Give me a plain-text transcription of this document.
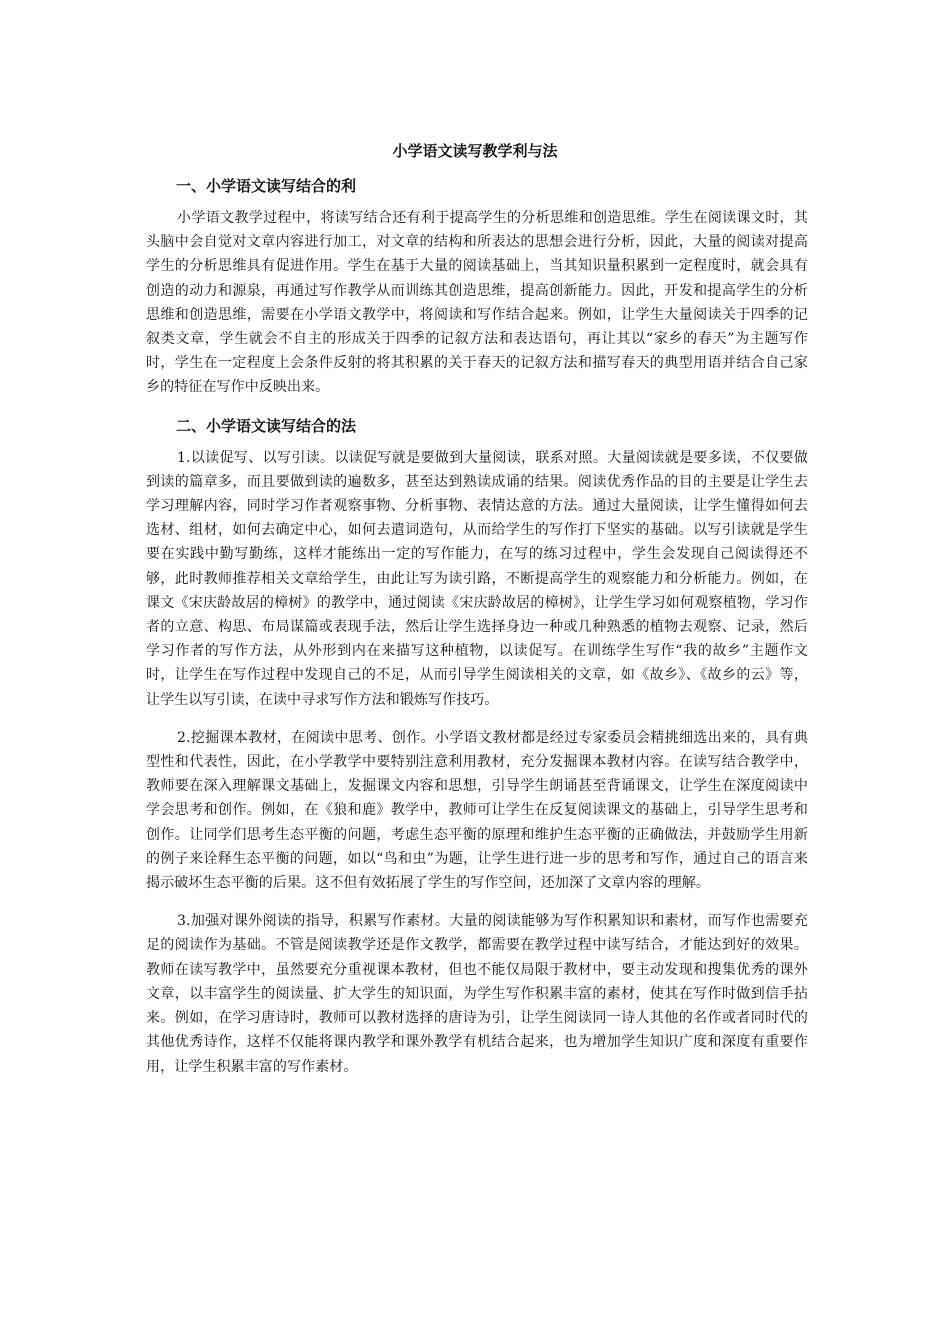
小学语文读写教学利与法
一、小学语文读写结合的利

小学语文教学过程中，将读写结合还有利于提高学生的分析思维和创造思维。学生在阅读课文时，其头脑中会自觉对文章内容进行加工，对文章的结构和所表达的思想会进行分析，因此，大量的阅读对提高学生的分析思维具有促进作用。学生在基于大量的阅读基础上，当其知识量积累到一定程度时，就会具有创造的动力和源泉，再通过写作教学从而训练其创造思维，提高创新能力。因此，开发和提高学生的分析思维和创造思维，需要在小学语文教学中，将阅读和写作结合起来。例如，让学生大量阅读关于四季的记叙类文章，学生就会不自主的形成关于四季的记叙方法和表达语句，再让其以“家乡的春天”为主题写作时，学生在一定程度上会条件反射的将其积累的关于春天的记叙方法和描写春天的典型用语并结合自己家乡的特征在写作中反映出来。

二、小学语文读写结合的法

1.以读促写、以写引读。以读促写就是要做到大量阅读，联系对照。大量阅读就是要多读，不仅要做到读的篇章多，而且要做到读的遍数多，甚至达到熟读成诵的结果。阅读优秀作品的目的主要是让学生去学习理解内容，同时学习作者观察事物、分析事物、表情达意的方法。通过大量阅读，让学生懂得如何去选材、组材，如何去确定中心，如何去遣词造句，从而给学生的写作打下坚实的基础。以写引读就是学生要在实践中勤写勤练，这样才能练出一定的写作能力，在写的练习过程中，学生会发现自己阅读得还不够，此时教师推荐相关文章给学生，由此让写为读引路，不断提高学生的观察能力和分析能力。例如，在课文《宋庆龄故居的樟树》的教学中，通过阅读《宋庆龄故居的樟树》，让学生学习如何观察植物，学习作者的立意、构思、布局谋篇或表现手法，然后让学生选择身边一种或几种熟悉的植物去观察、记录，然后学习作者的写作方法，从外形到内在来描写这种植物，以读促写。在训练学生写作“我的故乡”主题作文时，让学生在写作过程中发现自己的不足，从而引导学生阅读相关的文章，如《故乡》、《故乡的云》等，让学生以写引读，在读中寻求写作方法和锻炼写作技巧。

2.挖掘课本教材，在阅读中思考、创作。小学语文教材都是经过专家委员会精挑细选出来的，具有典型性和代表性，因此，在小学教学中要特别注意利用教材，充分发掘课本教材内容。在读写结合教学中，教师要在深入理解课文基础上，发掘课文内容和思想，引导学生朗诵甚至背诵课文，让学生在深度阅读中学会思考和创作。例如，在《狼和鹿》教学中，教师可让学生在反复阅读课文的基础上，引导学生思考和创作。让同学们思考生态平衡的问题，考虑生态平衡的原理和维护生态平衡的正确做法，并鼓励学生用新的例子来诠释生态平衡的问题，如以“鸟和虫”为题，让学生进行进一步的思考和写作，通过自己的语言来揭示破坏生态平衡的后果。这不但有效拓展了学生的写作空间，还加深了文章内容的理解。

3.加强对课外阅读的指导，积累写作素材。大量的阅读能够为写作积累知识和素材，而写作也需要充足的阅读作为基础。不管是阅读教学还是作文教学，都需要在教学过程中读写结合，才能达到好的效果。教师在读写教学中，虽然要充分重视课本教材，但也不能仅局限于教材中，要主动发现和搜集优秀的课外文章，以丰富学生的阅读量、扩大学生的知识面，为学生写作积累丰富的素材，使其在写作时做到信手拈来。例如，在学习唐诗时，教师可以教材选择的唐诗为引，让学生阅读同一诗人其他的名作或者同时代的其他优秀诗作，这样不仅能将课内教学和课外教学有机结合起来，也为增加学生知识广度和深度有重要作用，让学生积累丰富的写作素材。
